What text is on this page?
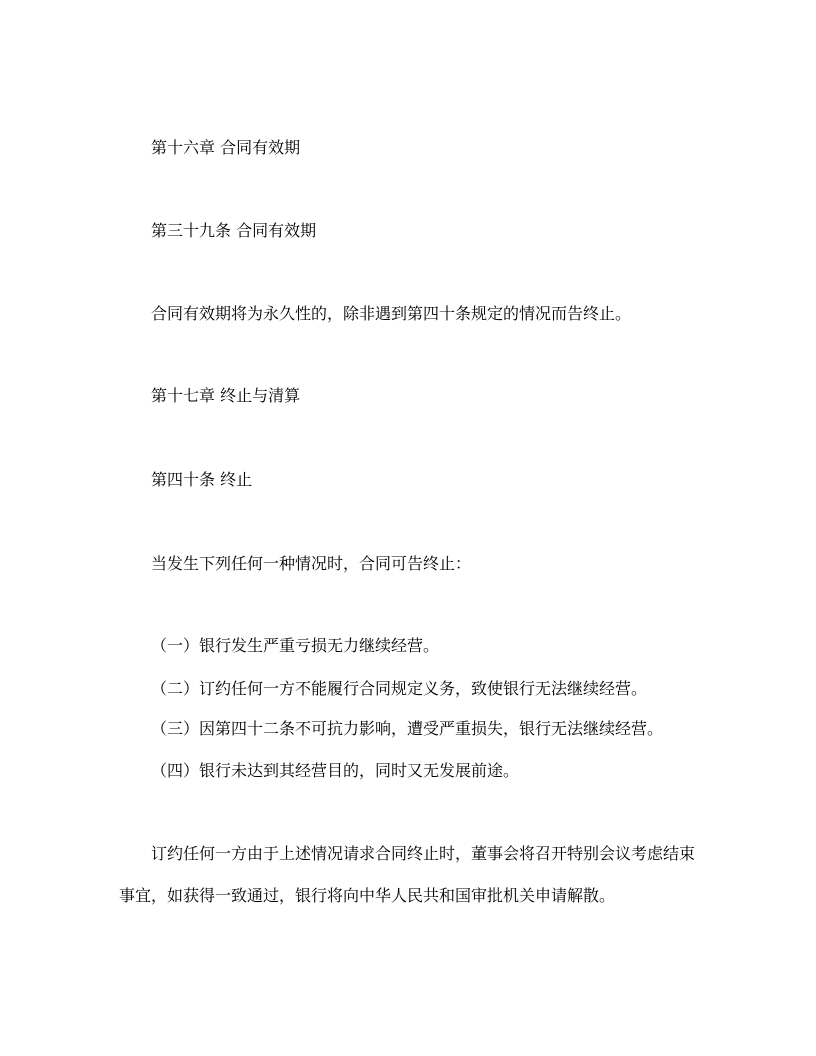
第十六章 合同有效期
第三十九条 合同有效期
合同有效期将为永久性的，除非遇到第四十条规定的情况而告终止。
第十七章 终止与清算
第四十条 终止
当发生下列任何一种情况时，合同可告终止：
（一）银行发生严重亏损无力继续经营。
（二）订约任何一方不能履行合同规定义务，致使银行无法继续经营。
（三）因第四十二条不可抗力影响，遭受严重损失，银行无法继续经营。
（四）银行未达到其经营目的，同时又无发展前途。
订约任何一方由于上述情况请求合同终止时，董事会将召开特别会议考虑结束
事宜，如获得一致通过，银行将向中华人民共和国审批机关申请解散。
